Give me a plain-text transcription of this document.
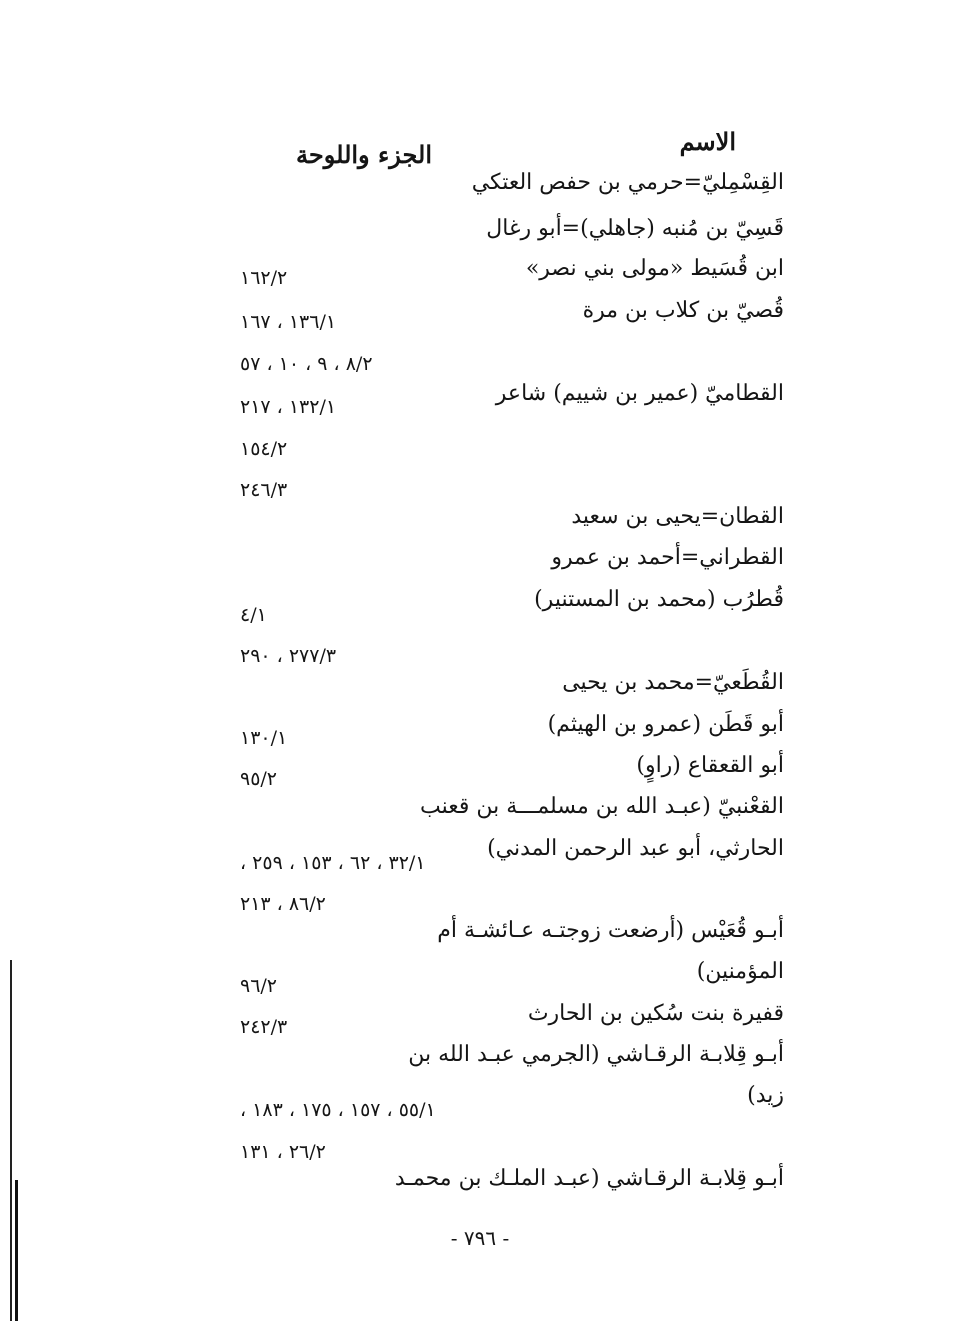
الاسم
الجزء واللوحة
القِسْمِليّ=حرمي بن حفص العتكي
قَسِيّ بن مُنبه (جاهلي)=أبو رغال
ابن قُسَيط «مولى بني نصر»
قُصيّ بن كلاب بن مرة
القطاميّ (عمير بن شييم) شاعر
القطان=يحيى بن سعيد
القطراني=أحمد بن عمرو
قُطرُب (محمد بن المستنير)
القُطَعيّ=محمد بن يحيى
أبو قَطَن (عمرو بن الهيثم)
أبو القعقاع (راوٍ)
القعْنبيّ (عبـد الله بن مسلمـــة بن قعنب
الحارثي، أبو عبد الرحمن المدني)
أبـو قُعَيْس (أرضعت زوجتـه عـائشـة أم
المؤمنين)
قفيرة بنت سُكين بن الحارث
أبـو قِلابـة الرقـاشي (الجرمي عبـد الله بن
زيد)
أبـو قِلابـة الرقـاشي (عبـد الملـك بن محمـد
١٦٢/٢
١٣٦/١ ، ١٦٧
٨/٢ ، ٩ ، ١٠ ، ٥٧
١٣٢/١ ، ٢١٧
١٥٤/٢
٢٤٦/٣
٤/١
٢٧٧/٣ ، ٢٩٠
١٣٠/١
٩٥/٢
٣٢/١ ، ٦٢ ، ١٥٣ ، ٢٥٩ ،
٨٦/٢ ، ٢١٣
٩٦/٢
٢٤٢/٣
٥٥/١ ، ١٥٧ ، ١٧٥ ، ١٨٣ ،
٢٦/٢ ، ١٣١
- ٧٩٦ -
